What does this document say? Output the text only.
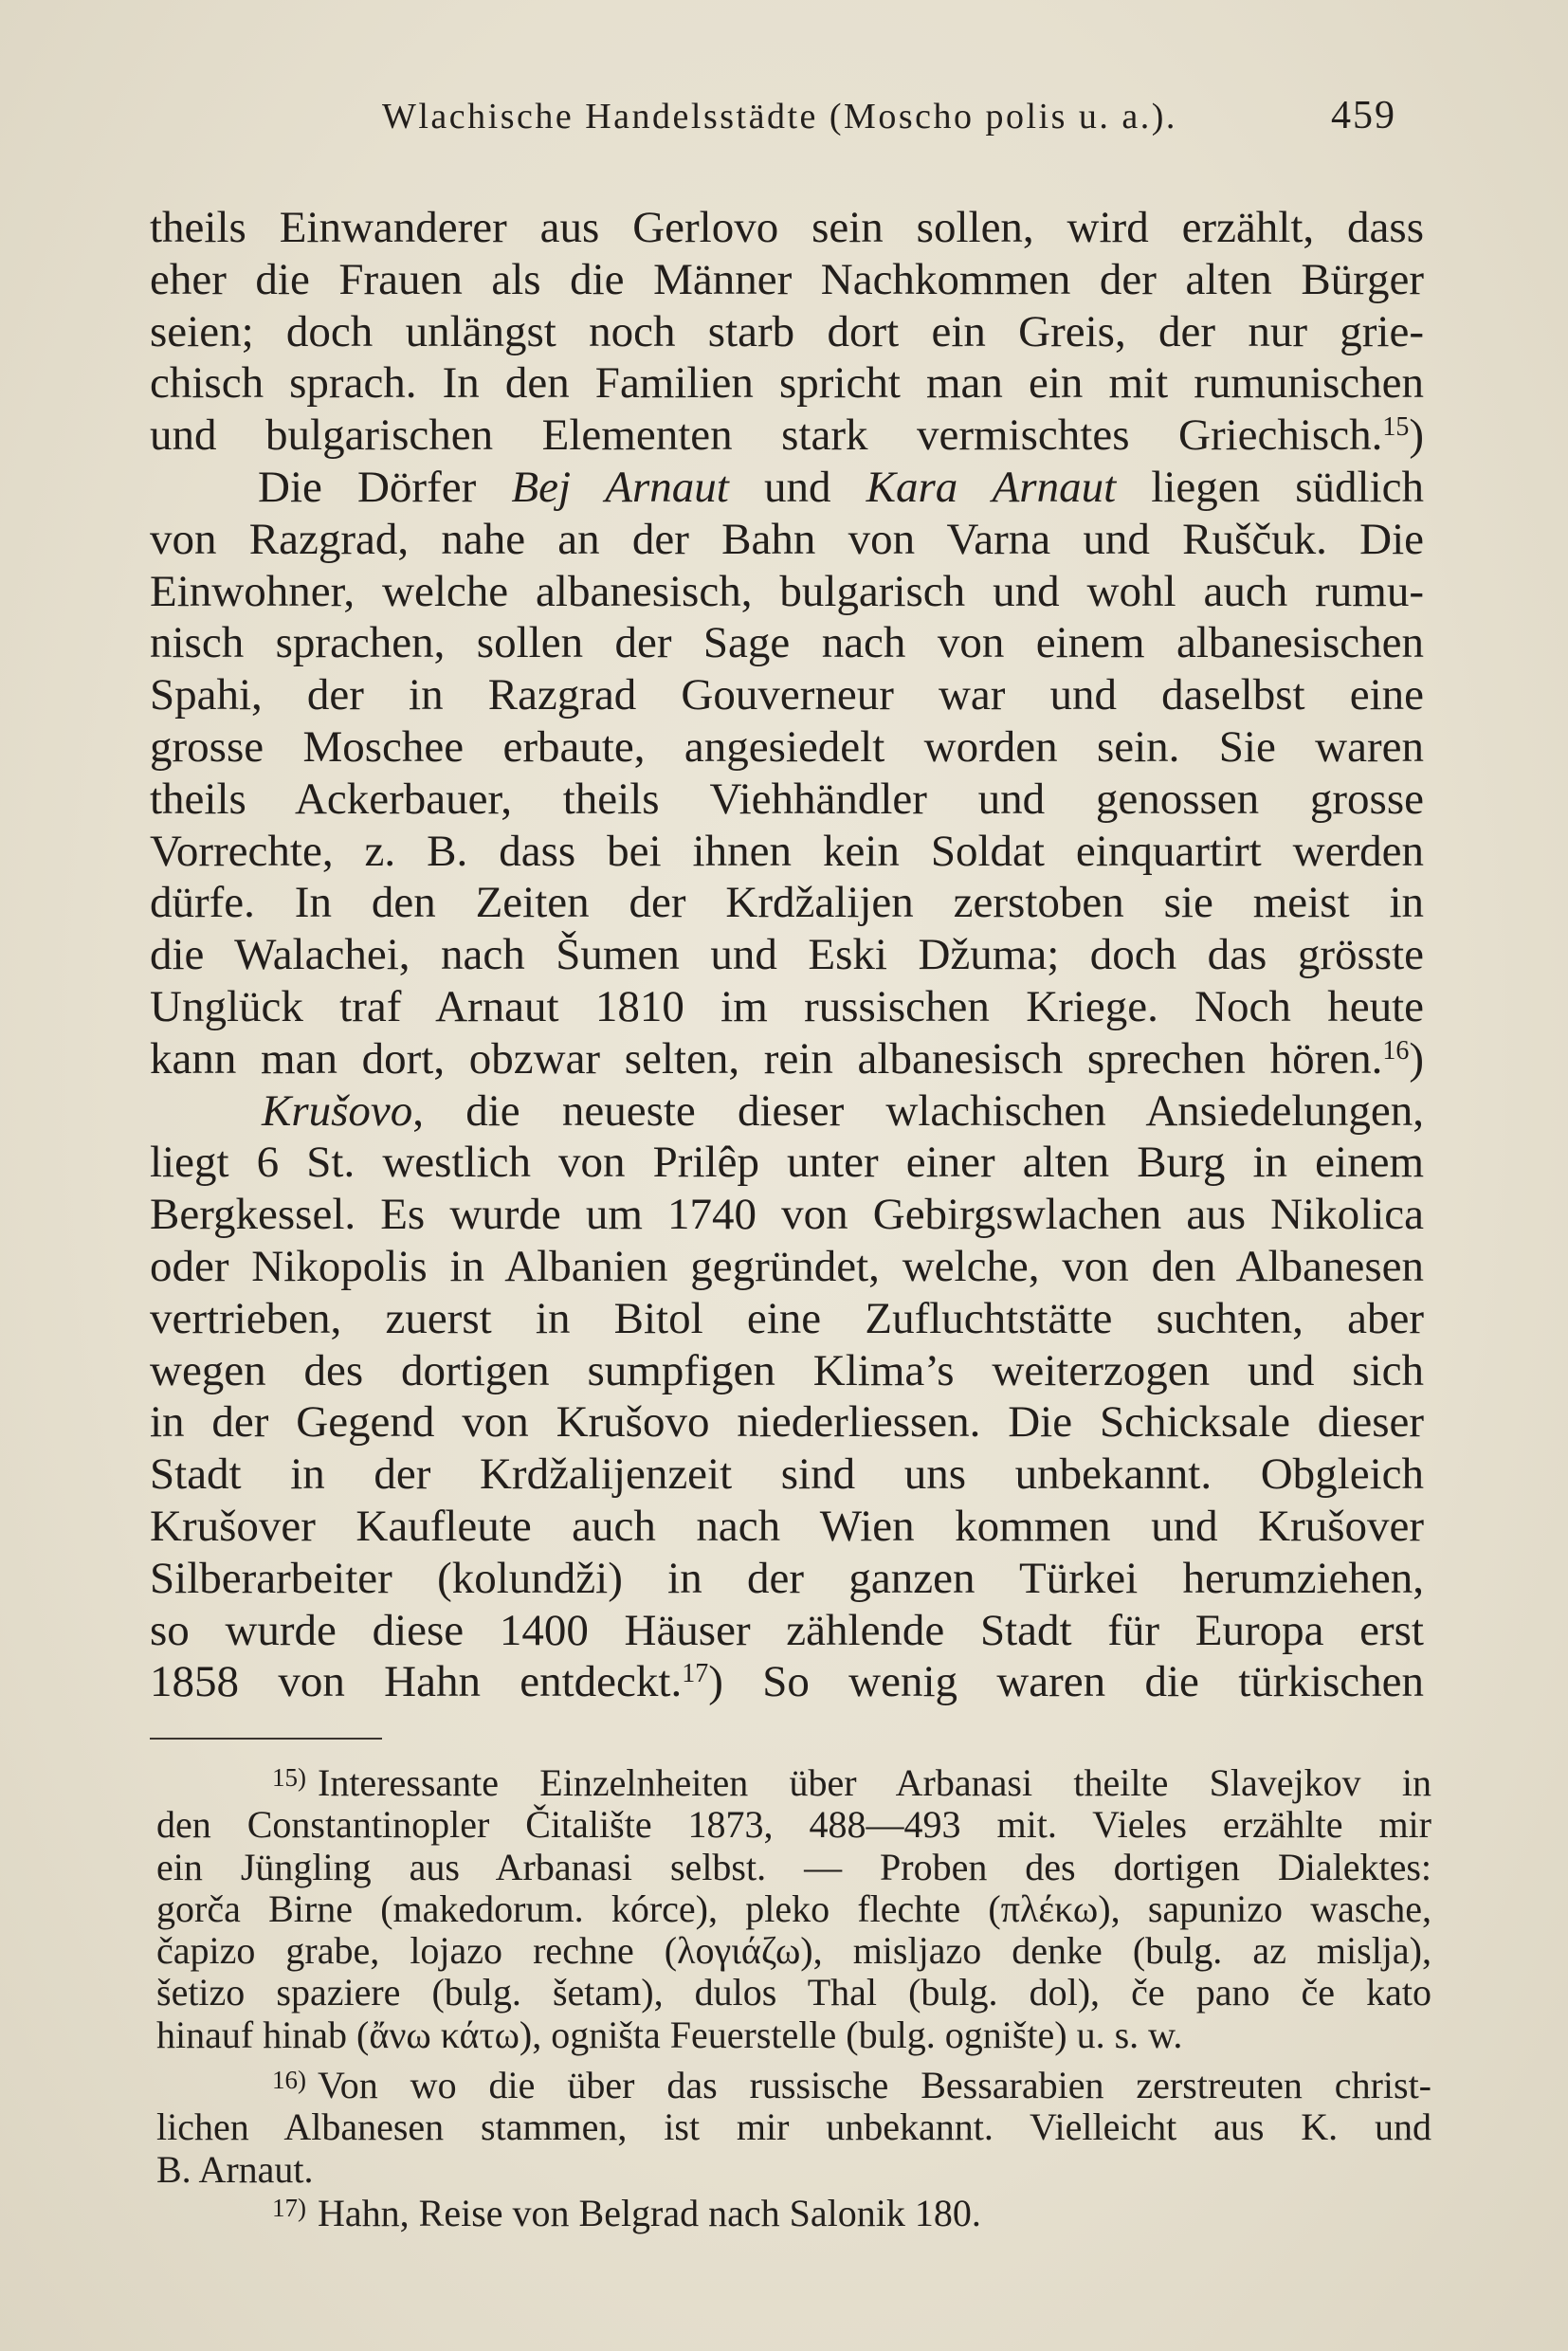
Wlachische Handelsstädte (Moscho polis u. a.).	459
theils Einwanderer aus Gerlovo sein sollen, wird erzählt, dass
eher die Frauen als die Männer Nachkommen der alten Bürger
seien; doch unlängst noch starb dort ein Greis, der nur grie-
chisch sprach. In den Familien spricht man ein mit rumunischen
und bulgarischen Elementen stark vermischtes Griechisch.$^{15}$)
Die Dörfer Bej Arnaut und Kara Arnaut liegen südlich
von Razgrad, nahe an der Bahn von Varna und Ruščuk. Die
Einwohner, welche albanesisch, bulgarisch und wohl auch rumu-
nisch sprachen, sollen der Sage nach von einem albanesischen
Spahi, der in Razgrad Gouverneur war und daselbst eine
grosse Moschee erbaute, angesiedelt worden sein. Sie waren
theils Ackerbauer, theils Viehhändler und genossen grosse
Vorrechte, z. B. dass bei ihnen kein Soldat einquartirt werden
dürfe. In den Zeiten der Krdžalijen zerstoben sie meist in
die Walachei, nach Šumen und Eski Džuma; doch das grösste
Unglück traf Arnaut 1810 im russischen Kriege. Noch heute
kann man dort, obzwar selten, rein albanesisch sprechen hören.$^{16}$)
Krušovo, die neueste dieser wlachischen Ansiedelungen,
liegt 6 St. westlich von Prilêp unter einer alten Burg in einem
Bergkessel. Es wurde um 1740 von Gebirgswlachen aus Nikolica
oder Nikopolis in Albanien gegründet, welche, von den Albanesen
vertrieben, zuerst in Bitol eine Zufluchtstätte suchten, aber
wegen des dortigen sumpfigen Klima’s weiterzogen und sich
in der Gegend von Krušovo niederliessen. Die Schicksale dieser
Stadt in der Krdžalijenzeit sind uns unbekannt. Obgleich
Krušover Kaufleute auch nach Wien kommen und Krušover
Silberarbeiter (kolundži) in der ganzen Türkei herumziehen,
so wurde diese 1400 Häuser zählende Stadt für Europa erst
1858 von Hahn entdeckt.$^{17}$) So wenig waren die türkischen
$^{15)}$ Interessante Einzelnheiten über Arbanasi theilte Slavejkov in
den Constantinopler Čitalište 1873, 488—493 mit. Vieles erzählte mir
ein Jüngling aus Arbanasi selbst. — Proben des dortigen Dialektes:
gorča Birne (makedorum. kórce), pleko flechte (πλέκω), sapunizo wasche,
čapizo grabe, lojazo rechne (λογιάζω), misljazo denke (bulg. az mislja),
šetizo spaziere (bulg. šetam), dulos Thal (bulg. dol), če pano če kato
hinauf hinab (ἄνω κάτω), ogništa Feuerstelle (bulg. ognište) u. s. w.
$^{16)}$ Von wo die über das russische Bessarabien zerstreuten christ-
lichen Albanesen stammen, ist mir unbekannt. Vielleicht aus K. und
B. Arnaut.
$^{17)}$ Hahn, Reise von Belgrad nach Salonik 180.
